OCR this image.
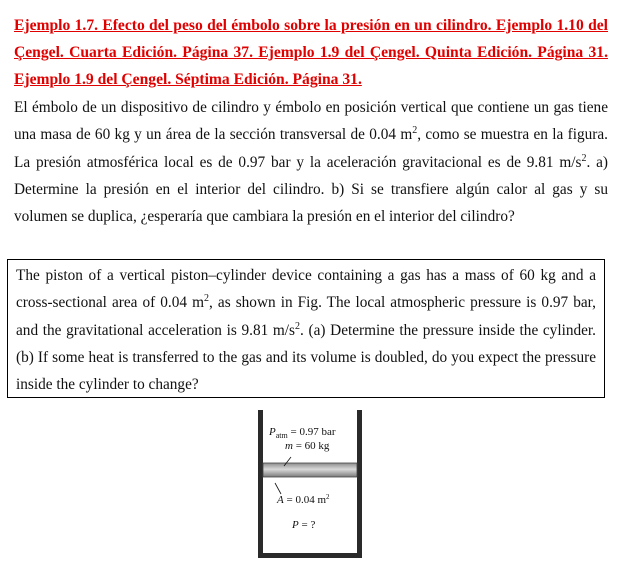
Ejemplo 1.7. Efecto del peso del émbolo sobre la presión en un cilindro. Ejemplo 1.10 del Çengel. Cuarta Edición. Página 37. Ejemplo 1.9 del Çengel. Quinta Edición. Página 31. Ejemplo 1.9 del Çengel. Séptima Edición. Página 31.
El émbolo de un dispositivo de cilindro y émbolo en posición vertical que contiene un gas tiene una masa de 60 kg y un área de la sección transversal de 0.04 $m^2$, como se muestra en la figura. La presión atmosférica local es de 0.97 bar y la aceleración gravitacional es de 9.81 $m/s^2$. a) Determine la presión en el interior del cilindro. b) Si se transfiere algún calor al gas y su volumen se duplica, ¿esperaría que cambiara la presión en el interior del cilindro?
The piston of a vertical piston–cylinder device containing a gas has a mass of 60 kg and a cross-sectional area of 0.04 $m^2$, as shown in Fig. The local atmospheric pressure is 0.97 bar, and the gravitational acceleration is 9.81 $m/s^2$. (a) Determine the pressure inside the cylinder. (b) If some heat is transferred to the gas and its volume is doubled, do you expect the pressure inside the cylinder to change?
$P_{atm} = 0.97$ bar
m = 60 kg
A = 0.04 $m^2$
P = ?
